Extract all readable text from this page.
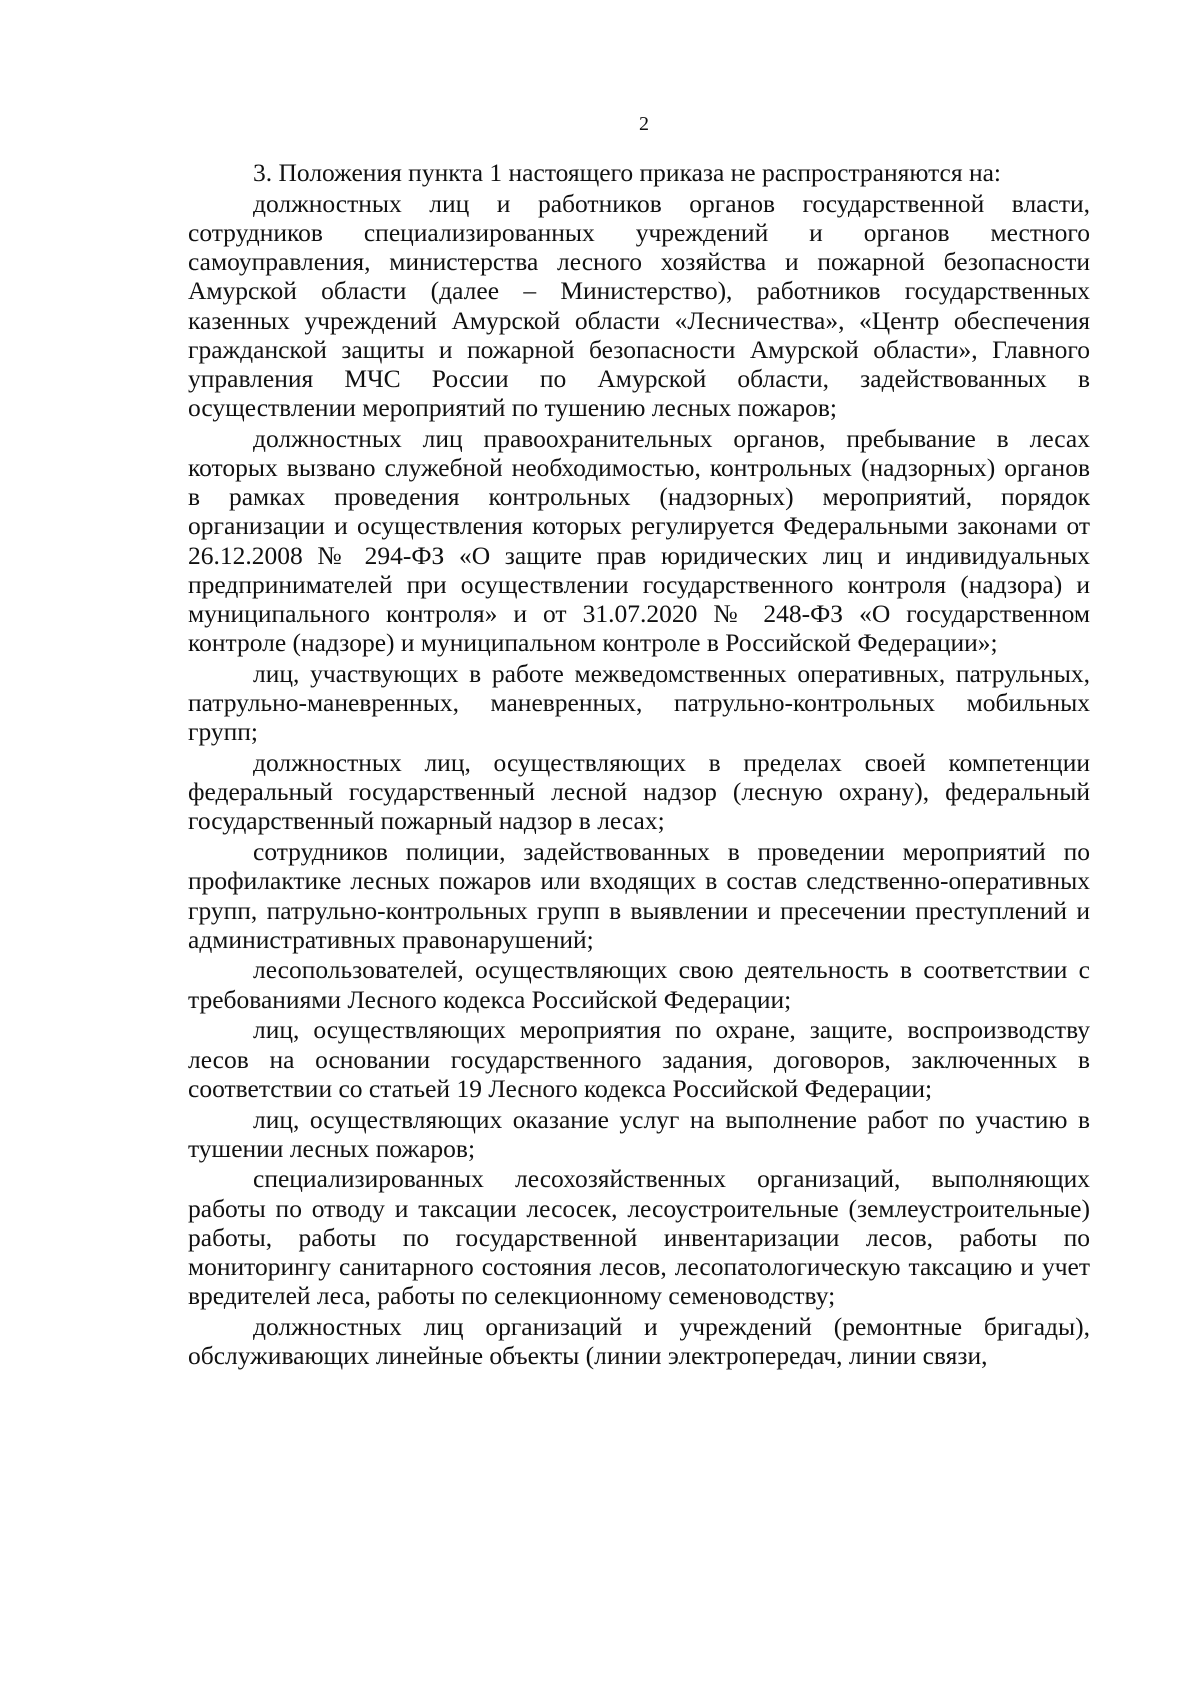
2

3. Положения пункта 1 настоящего приказа не распространяются на:

должностных лиц и работников органов государственной власти, сотрудников специализированных учреждений и органов местного самоуправления, министерства лесного хозяйства и пожарной безопасности Амурской области (далее – Министерство), работников государственных казенных учреждений Амурской области «Лесничества», «Центр обеспечения гражданской защиты и пожарной безопасности Амурской области», Главного управления МЧС России по Амурской области, задействованных в осуществлении мероприятий по тушению лесных пожаров;

должностных лиц правоохранительных органов, пребывание в лесах которых вызвано служебной необходимостью, контрольных (надзорных) органов в рамках проведения контрольных (надзорных) мероприятий, порядок организации и осуществления которых регулируется Федеральными законами от 26.12.2008 № 294-ФЗ «О защите прав юридических лиц и индивидуальных предпринимателей при осуществлении государственного контроля (надзора) и муниципального контроля» и от 31.07.2020 № 248-ФЗ «О государственном контроле (надзоре) и муниципальном контроле в Российской Федерации»;

лиц, участвующих в работе межведомственных оперативных, патрульных, патрульно-маневренных, маневренных, патрульно-контрольных мобильных групп;

должностных лиц, осуществляющих в пределах своей компетенции федеральный государственный лесной надзор (лесную охрану), федеральный государственный пожарный надзор в лесах;

сотрудников полиции, задействованных в проведении мероприятий по профилактике лесных пожаров или входящих в состав следственно-оперативных групп, патрульно-контрольных групп в выявлении и пресечении преступлений и административных правонарушений;

лесопользователей, осуществляющих свою деятельность в соответствии с требованиями Лесного кодекса Российской Федерации;

лиц, осуществляющих мероприятия по охране, защите, воспроизводству лесов на основании государственного задания, договоров, заключенных в соответствии со статьей 19 Лесного кодекса Российской Федерации;

лиц, осуществляющих оказание услуг на выполнение работ по участию в тушении лесных пожаров;

специализированных лесохозяйственных организаций, выполняющих работы по отводу и таксации лесосек, лесоустроительные (землеустроительные) работы, работы по государственной инвентаризации лесов, работы по мониторингу санитарного состояния лесов, лесопатологическую таксацию и учет вредителей леса, работы по селекционному семеноводству;

должностных лиц организаций и учреждений (ремонтные бригады), обслуживающих линейные объекты (линии электропередач, линии связи,
